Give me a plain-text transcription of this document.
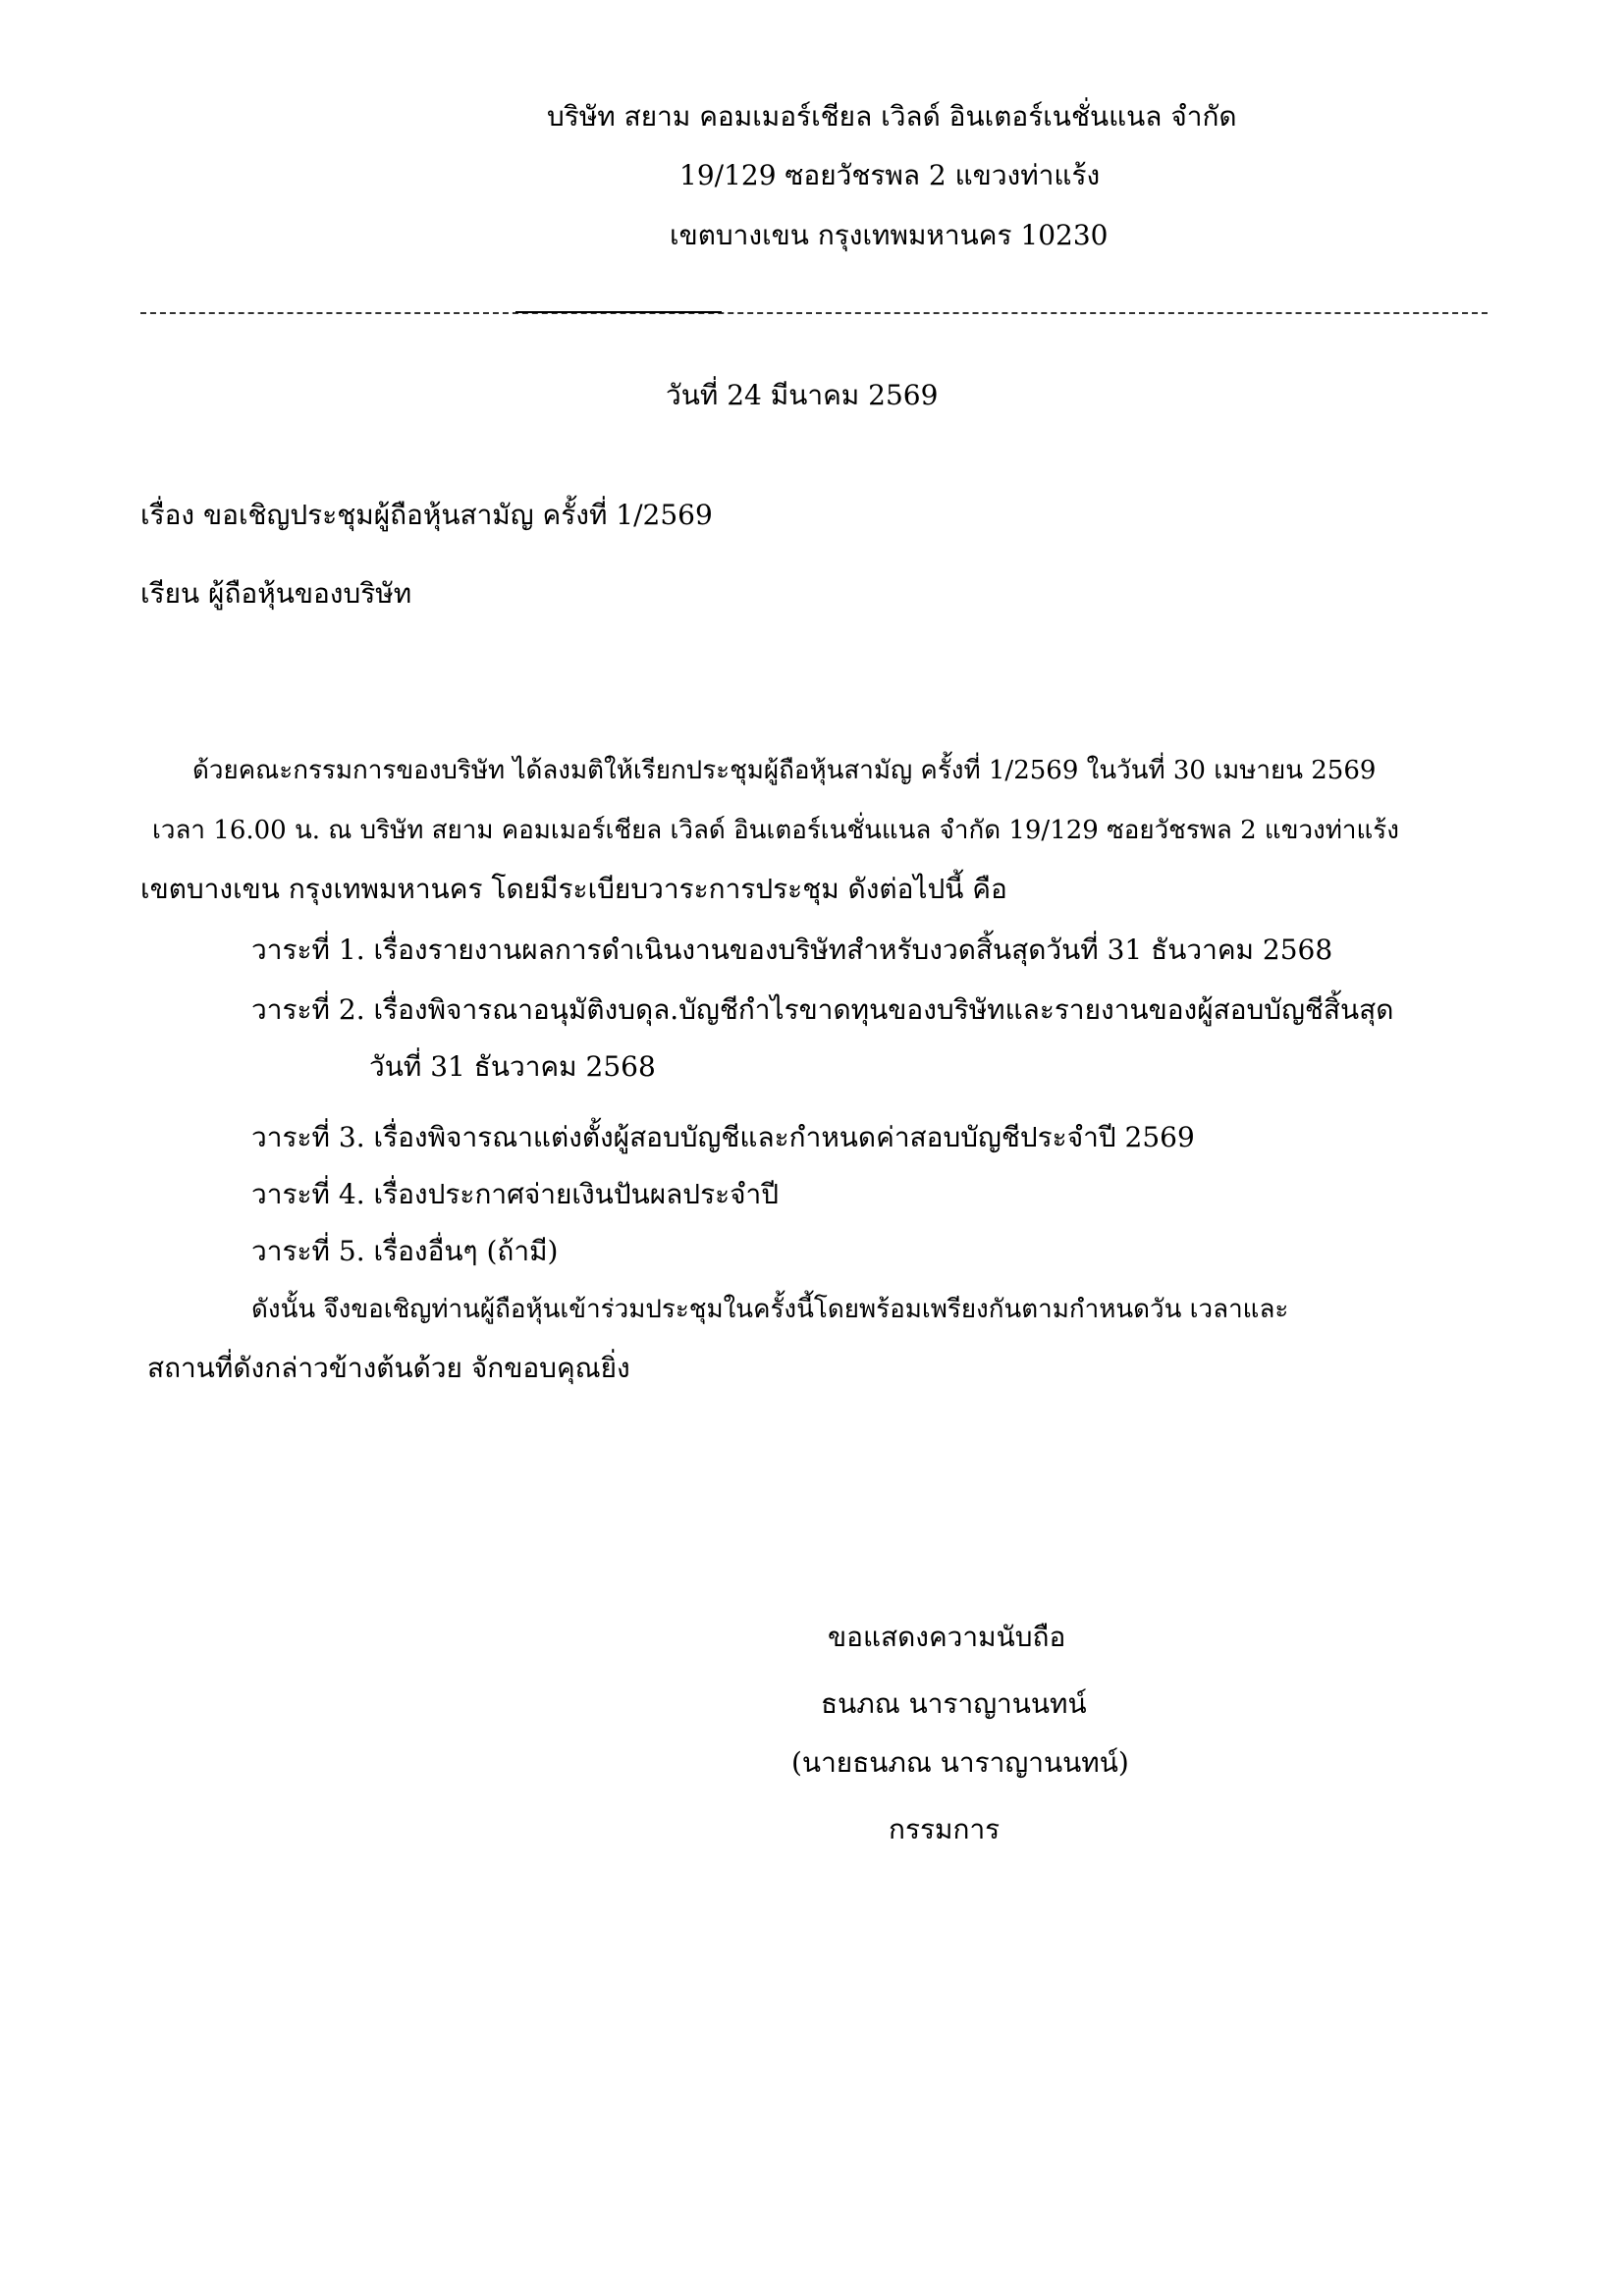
บริษัท สยาม คอมเมอร์เชียล เวิลด์ อินเตอร์เนชั่นแนล จำกัด
19/129 ซอยวัชรพล 2 แขวงท่าแร้ง
เขตบางเขน กรุงเทพมหานคร 10230
วันที่ 24 มีนาคม 2569
เรื่อง ขอเชิญประชุมผู้ถือหุ้นสามัญ ครั้งที่ 1/2569
เรียน ผู้ถือหุ้นของบริษัท
ด้วยคณะกรรมการของบริษัท ได้ลงมติให้เรียกประชุมผู้ถือหุ้นสามัญ ครั้งที่ 1/2569 ในวันที่ 30 เมษายน 2569
เวลา 16.00 น. ณ บริษัท สยาม คอมเมอร์เชียล เวิลด์ อินเตอร์เนชั่นแนล จำกัด 19/129 ซอยวัชรพล 2 แขวงท่าแร้ง
เขตบางเขน กรุงเทพมหานคร โดยมีระเบียบวาระการประชุม ดังต่อไปนี้ คือ
วาระที่ 1. เรื่องรายงานผลการดำเนินงานของบริษัทสำหรับงวดสิ้นสุดวันที่ 31 ธันวาคม 2568
วาระที่ 2. เรื่องพิจารณาอนุมัติงบดุล.บัญชีกำไรขาดทุนของบริษัทและรายงานของผู้สอบบัญชีสิ้นสุด
วันที่ 31 ธันวาคม 2568
วาระที่ 3. เรื่องพิจารณาแต่งตั้งผู้สอบบัญชีและกำหนดค่าสอบบัญชีประจำปี 2569
วาระที่ 4. เรื่องประกาศจ่ายเงินปันผลประจำปี
วาระที่ 5. เรื่องอื่นๆ (ถ้ามี)
ดังนั้น จึงขอเชิญท่านผู้ถือหุ้นเข้าร่วมประชุมในครั้งนี้โดยพร้อมเพรียงกันตามกำหนดวัน เวลาและ
สถานที่ดังกล่าวข้างต้นด้วย จักขอบคุณยิ่ง
ขอแสดงความนับถือ
ธนภณ นาราญานนทน์
(นายธนภณ นาราญานนทน์)
กรรมการ
